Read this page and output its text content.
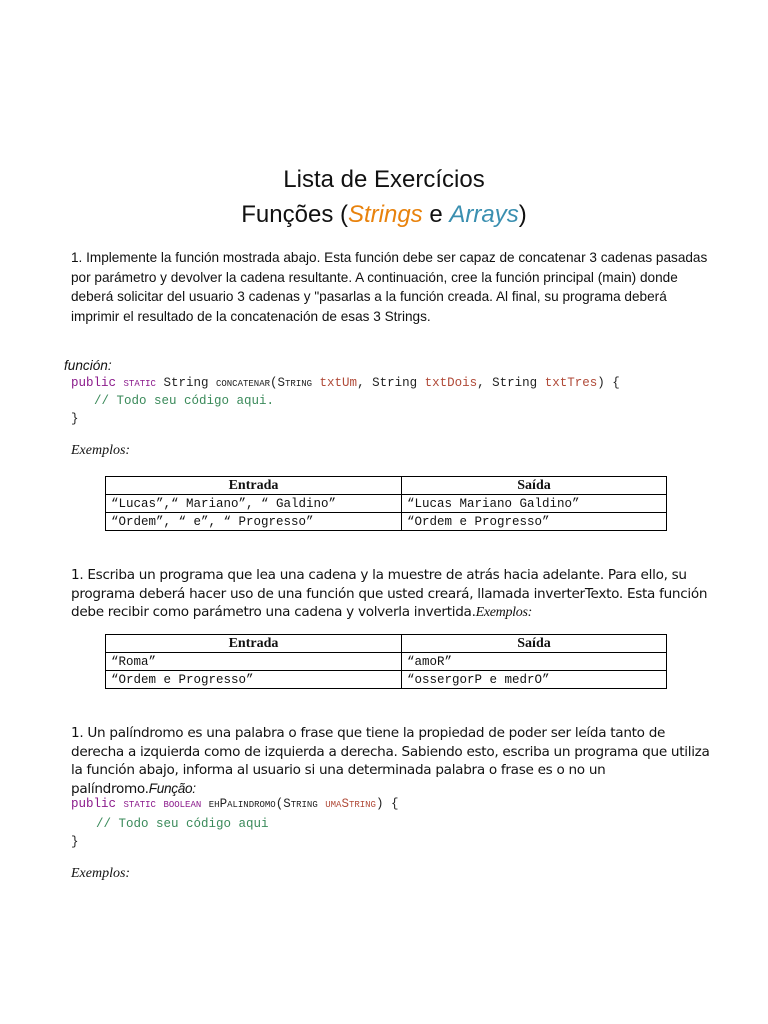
Lista de Exercícios
Funções (Strings e Arrays)
1. Implemente la función mostrada abajo. Esta función debe ser capaz de concatenar 3 cadenas pasadas por parámetro y devolver la cadena resultante. A continuación, cree la función principal (main) donde deberá solicitar del usuario 3 cadenas y "pasarlas a la función creada. Al final, su programa deberá imprimir el resultado de la concatenación de esas 3 Strings.
función:
public static String concatenar(String txtUm, String txtDois, String txtTres) {
// Todo seu código aqui.
}
Exemplos:
Entrada	Saída
“Lucas”,“ Mariano”, “ Galdino”	“Lucas Mariano Galdino”
“Ordem”, “ e”, “ Progresso”	“Ordem e Progresso”
1. Escriba un programa que lea una cadena y la muestre de atrás hacia adelante. Para ello, su programa deberá hacer uso de una función que usted creará, llamada inverterTexto. Esta función debe recibir como parámetro una cadena y volverla invertida.Exemplos:
Entrada	Saída
“Roma”	“amoR”
“Ordem e Progresso”	“ossergorP e medrO”
1. Un palíndromo es una palabra o frase que tiene la propiedad de poder ser leída tanto de derecha a izquierda como de izquierda a derecha. Sabiendo esto, escriba un programa que utiliza la función abajo, informa al usuario si una determinada palabra o frase es o no un palíndromo.Função:
public static boolean ehPalindromo(String umaString) {
// Todo seu código aqui
}
Exemplos:
